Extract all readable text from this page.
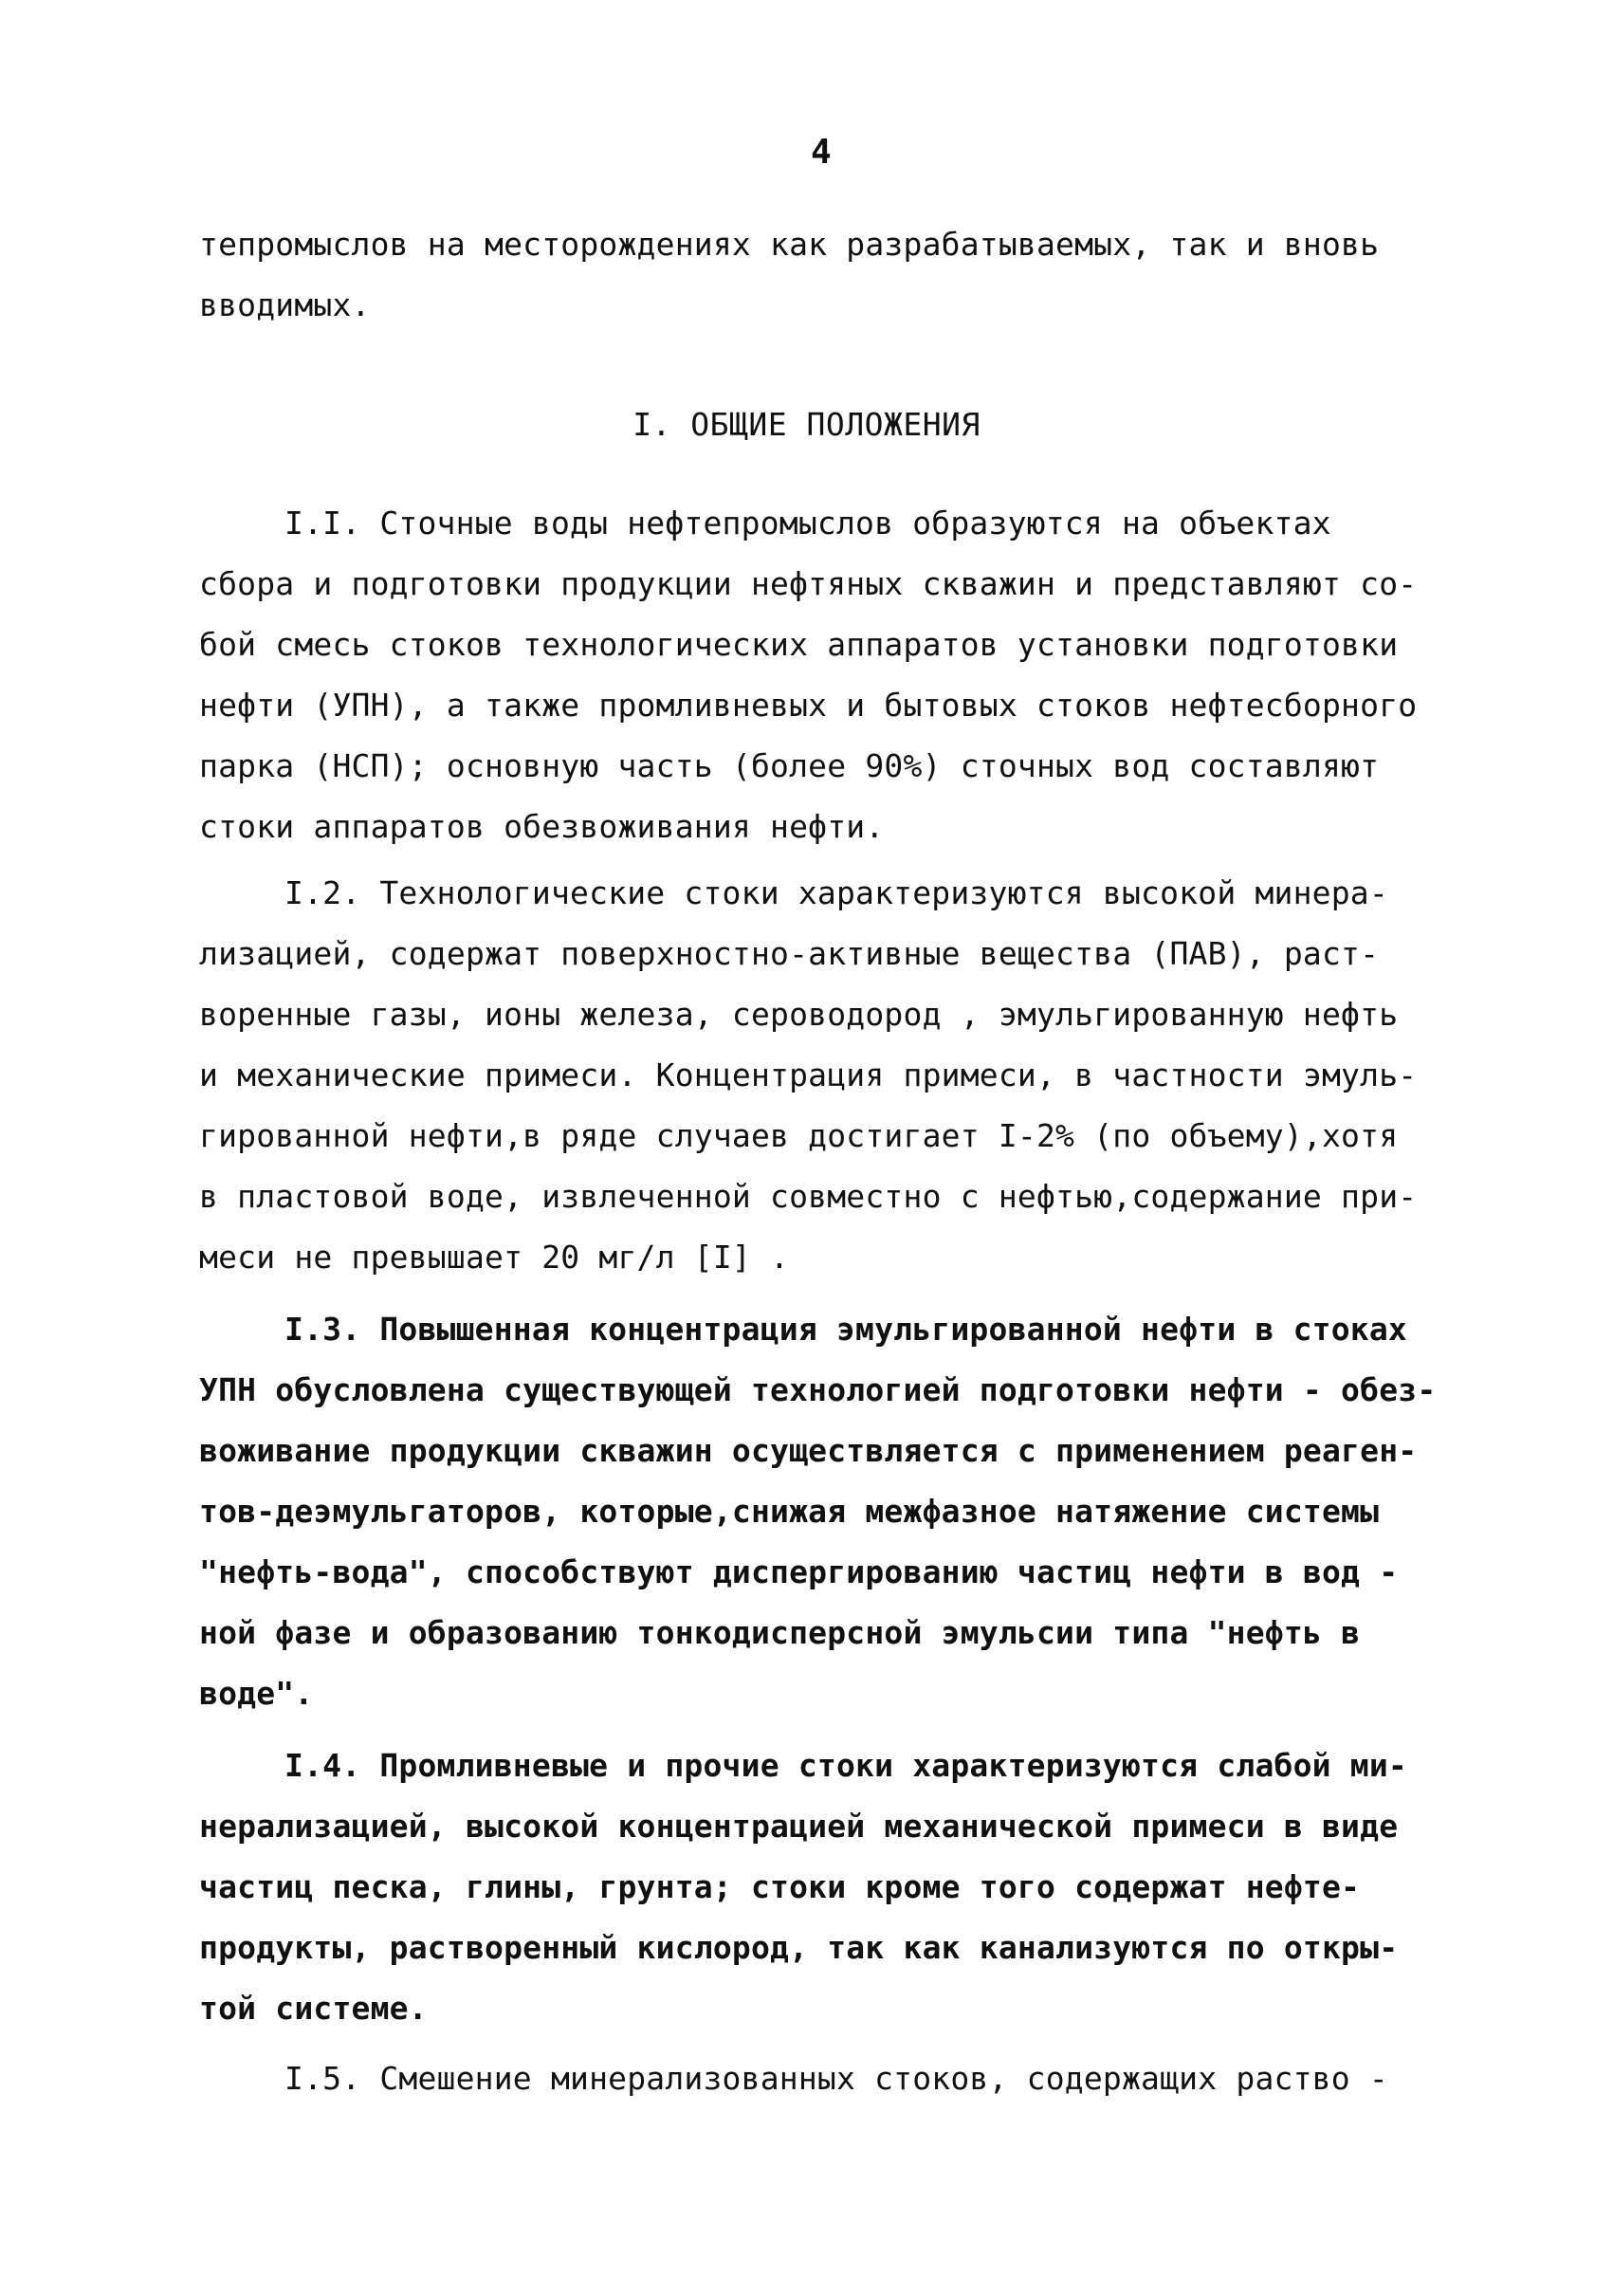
4
тепромыслов на месторождениях как разрабатываемых, так и вновь
вводимых.
I. ОБЩИЕ ПОЛОЖЕНИЯ
I.I. Сточные воды нефтепромыслов образуются на объектах
сбора и подготовки продукции нефтяных скважин и представляют со-
бой смесь стоков технологических аппаратов установки подготовки
нефти (УПН), а также промливневых и бытовых стоков нефтесборного
парка (НСП); основную часть (более 90%) сточных вод составляют
стоки аппаратов обезвоживания нефти.
I.2. Технологические стоки характеризуются высокой минера-
лизацией, содержат поверхностно-активные вещества (ПАВ), раст-
воренные газы, ионы железа, сероводород , эмульгированную нефть
и механические примеси. Концентрация примеси, в частности эмуль-
гированной нефти,в ряде случаев достигает I-2% (по объему),хотя
в пластовой воде, извлеченной совместно с нефтью,содержание при-
меси не превышает 20 мг/л [I] .
I.3. Повышенная концентрация эмульгированной нефти в стоках
УПН обусловлена существующей технологией подготовки нефти - обез-
воживание продукции скважин осуществляется с применением реаген-
тов-деэмульгаторов, которые,снижая межфазное натяжение системы
"нефть-вода", способствуют диспергированию частиц нефти в вод -
ной фазе и образованию тонкодисперсной эмульсии типа "нефть в
воде".
I.4. Промливневые и прочие стоки характеризуются слабой ми-
нерализацией, высокой концентрацией механической примеси в виде
частиц песка, глины, грунта; стоки кроме того содержат нефте-
продукты, растворенный кислород, так как канализуются по откры-
той системе.
I.5. Смешение минерализованных стоков, содержащих раство -
